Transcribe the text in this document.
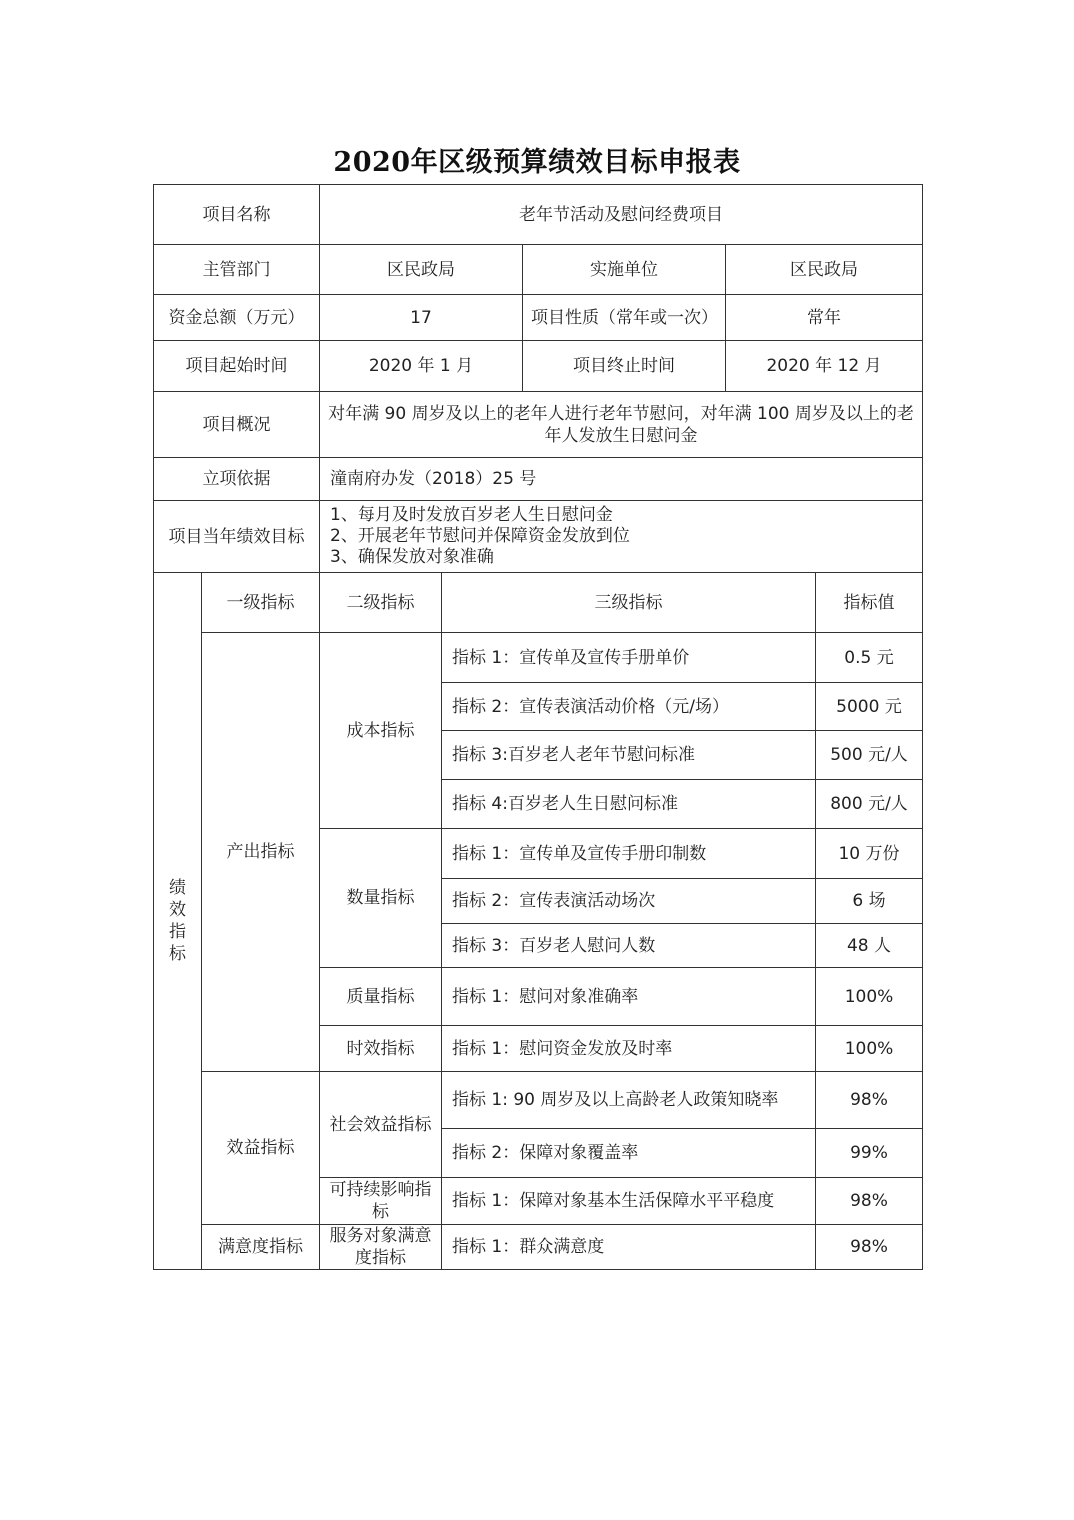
2020年区级预算绩效目标申报表
项目名称		老年节活动及慰问经费项目				
主管部门		区民政局		实施单位	区民政局	
资金总额（万元）		17		项目性质（常年或一次）	常年	
项目起始时间		2020 年 1 月		项目终止时间	2020 年 12 月	
项目概况		对年满 90 周岁及以上的老年人进行老年节慰问，对年满 100 周岁及以上的老年人发放生日慰问金				
立项依据		潼南府办发（2018）25 号				
项目当年绩效目标		1、每月及时发放百岁老人生日慰问金
2、开展老年节慰问并保障资金发放到位
3、确保发放对象准确				

绩效指标	一级指标	二级指标	三级指标			指标值
	产出指标	成本指标	指标 1：宣传单及宣传手册单价			0.5 元
			指标 2：宣传表演活动价格（元/场）			5000 元
			指标 3:百岁老人老年节慰问标准			500 元/人
			指标 4:百岁老人生日慰问标准			800 元/人
		数量指标	指标 1：宣传单及宣传手册印制数			10 万份
			指标 2：宣传表演活动场次			6 场
			指标 3：百岁老人慰问人数			48 人
		质量指标	指标 1：慰问对象准确率			100%
		时效指标	指标 1：慰问资金发放及时率			100%
	效益指标	社会效益指标	指标 1: 90 周岁及以上高龄老人政策知晓率			98%
			指标 2：保障对象覆盖率			99%
		可持续影响指标	指标 1：保障对象基本生活保障水平平稳度			98%
	满意度指标	服务对象满意度指标	指标 1：群众满意度			98%
